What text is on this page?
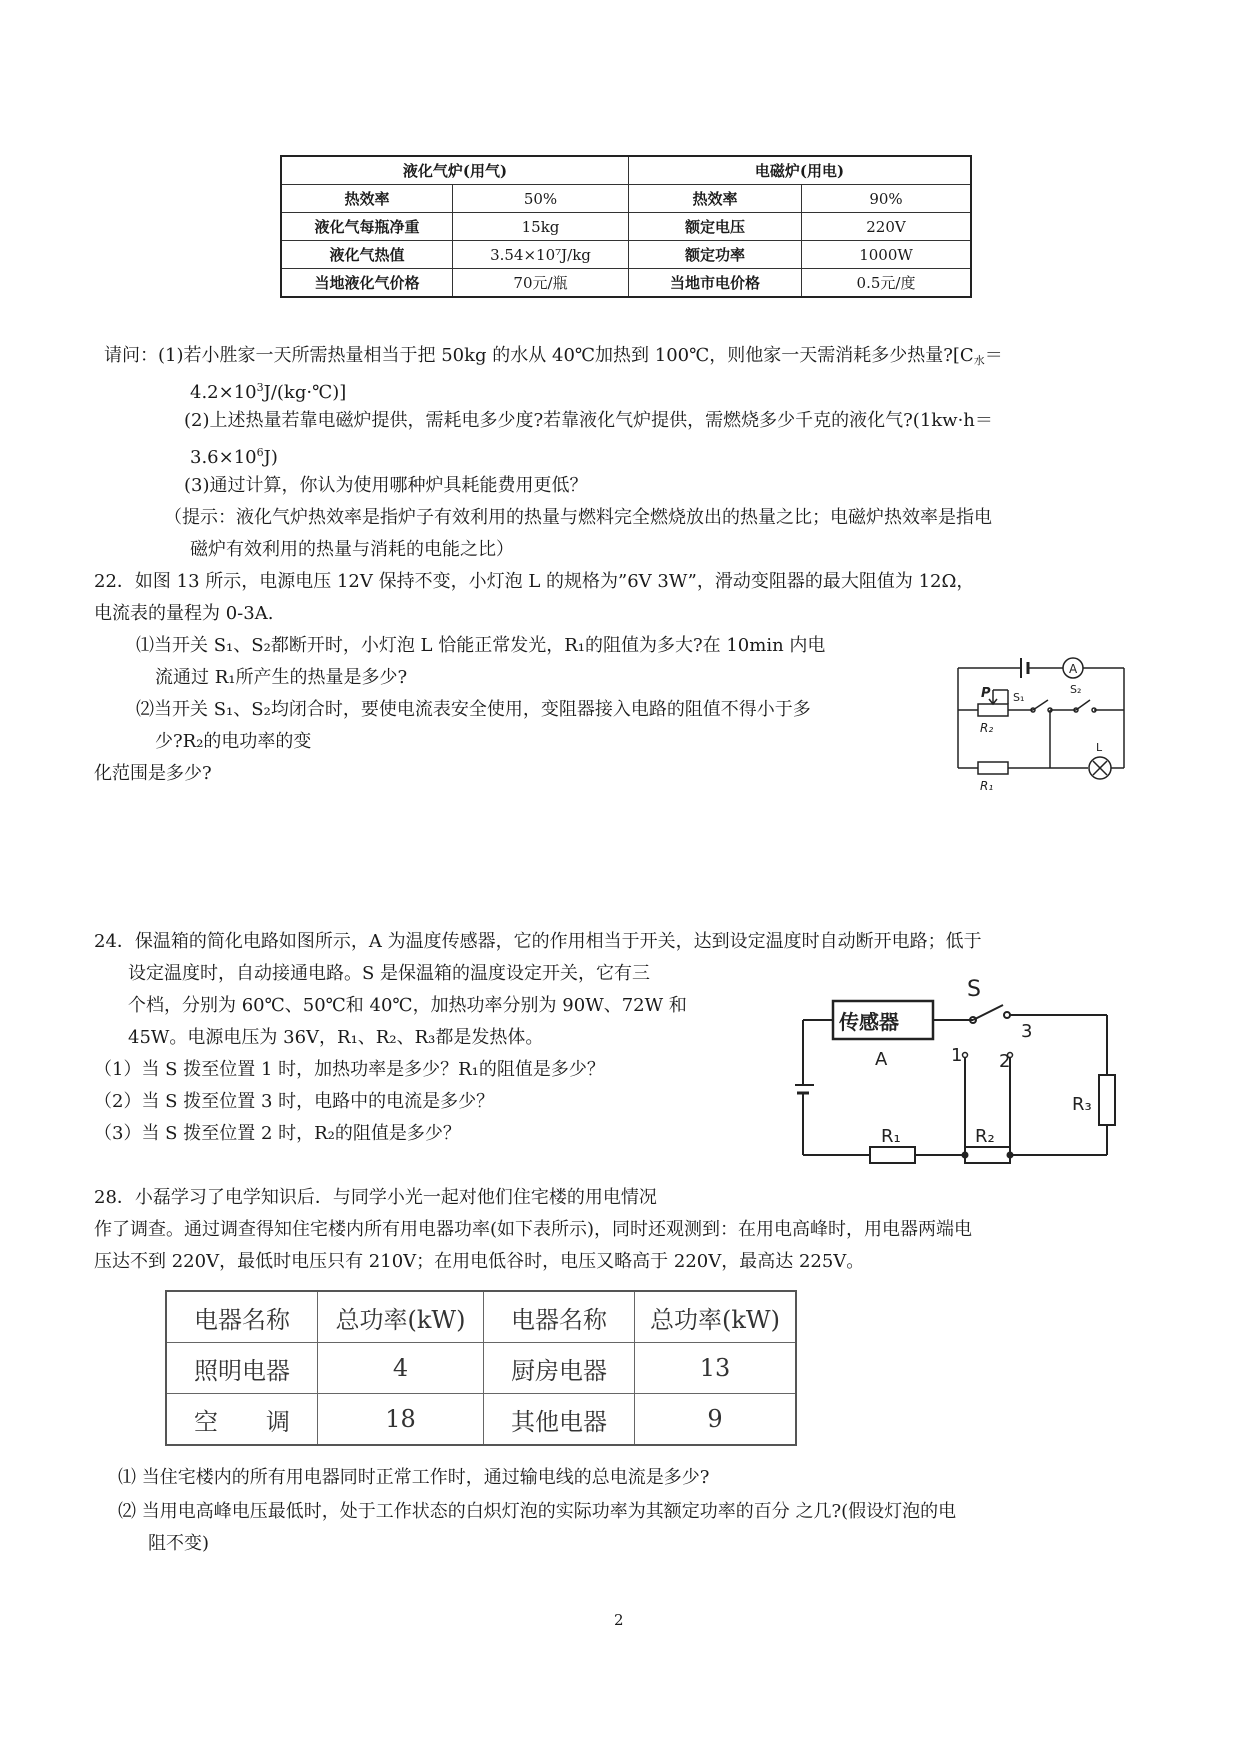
液化气炉(用气)		电磁炉(用电)	
热效率	50%	热效率	90%
液化气每瓶净重	15kg	额定电压	220V
液化气热值	3.54×10⁷J/kg	额定功率	1000W
当地液化气价格	70元/瓶	当地市电价格	0.5元/度
请问：(1)若小胜家一天所需热量相当于把 50kg 的水从 40℃加热到 100℃，则他家一天需消耗多少热量$?[C_水=$
$4.2\times 10^3J/(kg\cdot℃)$]
(2)上述热量若靠电磁炉提供，需耗电多少度?若靠液化气炉提供，需燃烧多少千克的液化气?(1kw·h＝
$3.6\times 10^6J$)
(3)通过计算，你认为使用哪种炉具耗能费用更低？
（提示：液化气炉热效率是指炉子有效利用的热量与燃料完全燃烧放出的热量之比；电磁炉热效率是指电
磁炉有效利用的热量与消耗的电能之比）
22．如图 13 所示，电源电压 12V 保持不变，小灯泡 L 的规格为”6V 3W”，滑动变阻器的最大阻值为 12Ω，
电流表的量程为 0-3A.
⑴当开关 S₁、S₂都断开时，小灯泡 L 恰能正常发光，R₁的阻值为多大?在 10min 内电
流通过 R₁所产生的热量是多少?
⑵当开关 S₁、S₂均闭合时，要使电流表安全使用，变阻器接入电路的阻值不得小于多
少?R₂的电功率的变
化范围是多少?
A
P S₁
S₂
R₂
L
R₁
24．保温箱的简化电路如图所示，A 为温度传感器，它的作用相当于开关，达到设定温度时自动断开电路；低于
设定温度时，自动接通电路。S 是保温箱的温度设定开关，它有三
个档，分别为 60℃、50℃和 40℃，加热功率分别为 90W、72W 和
45W。电源电压为 36V，R₁、R₂、R₃都是发热体。
（1）当 S 拨至位置 1 时，加热功率是多少？R₁的阻值是多少？
（2）当 S 拨至位置 3 时，电路中的电流是多少？
（3）当 S 拨至位置 2 时，R₂的阻值是多少？
S
传感器
A	1 2
3
R₃
R₁	R₂
28．小磊学习了电学知识后．与同学小光一起对他们住宅楼的用电情况
作了调查。通过调查得知住宅楼内所有用电器功率(如下表所示)，同时还观测到：在用电高峰时，用电器两端电
压达不到 220V，最低时电压只有 210V；在用电低谷时，电压又略高于 220V，最高达 225V。
电器名称	总功率(kW)	电器名称	总功率(kW)
照明电器	4	厨房电器	13
空　　调	18	其他电器	9
⑴ 当住宅楼内的所有用电器同时正常工作时，通过输电线的总电流是多少?
⑵ 当用电高峰电压最低时，处于工作状态的白炽灯泡的实际功率为其额定功率的百分 之几?(假设灯泡的电
阻不变)
2
